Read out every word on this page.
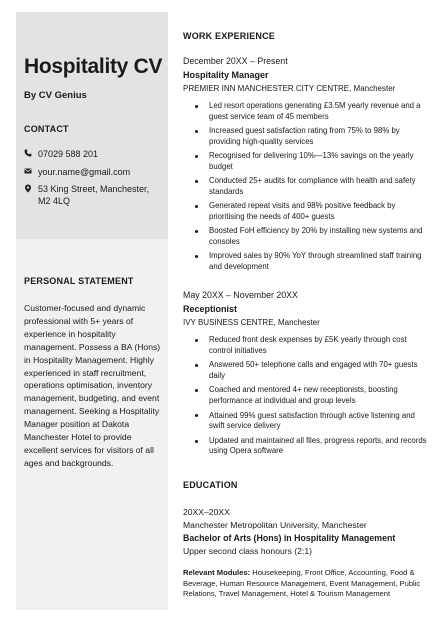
Hospitality CV
By CV Genius
CONTACT
07029 588 201
your.name@gmail.com
53 King Street, Manchester,
M2 4LQ
PERSONAL STATEMENT
Customer-focused and dynamic professional with 5+ years of experience in hospitality management. Possess a BA (Hons) in Hospitality Management. Highly experienced in staff recruitment, operations optimisation, inventory management, budgeting, and event management. Seeking a Hospitality Manager position at Dakota Manchester Hotel to provide excellent services for visitors of all ages and backgrounds.
WORK EXPERIENCE
December 20XX – Present
Hospitality Manager
PREMIER INN MANCHESTER CITY CENTRE, Manchester
Led resort operations generating £3.5M yearly revenue and a guest service team of 45 members
Increased guest satisfaction rating from 75% to 98% by providing high-quality services
Recognised for delivering 10%—13% savings on the yearly budget
Conducted 25+ audits for compliance with health and safety standards
Generated repeat visits and 98% positive feedback by prioritising the needs of 400+ guests
Boosted FoH efficiency by 20% by installing new systems and consoles
Improved sales by 90% YoY through streamlined staff training and development
May 20XX – November 20XX
Receptionist
IVY BUSINESS CENTRE, Manchester
Reduced front desk expenses by £5K yearly through cost control initiatives
Answered 50+ telephone calls and engaged with 70+ guests daily
Coached and mentored 4+ new receptionists, boosting performance at individual and group levels
Attained 99% guest satisfaction through active listening and swift service delivery
Updated and maintained all files, progress reports, and records using Opera software
EDUCATION
20XX–20XX
Manchester Metropolitan University, Manchester
Bachelor of Arts (Hons) in Hospitality Management
Upper second class honours (2:1)
Relevant Modules: Housekeeping, Front Office, Accounting, Food & Beverage, Human Resource Management, Event Management, Public Relations, Travel Management, Hotel & Tourism Management
